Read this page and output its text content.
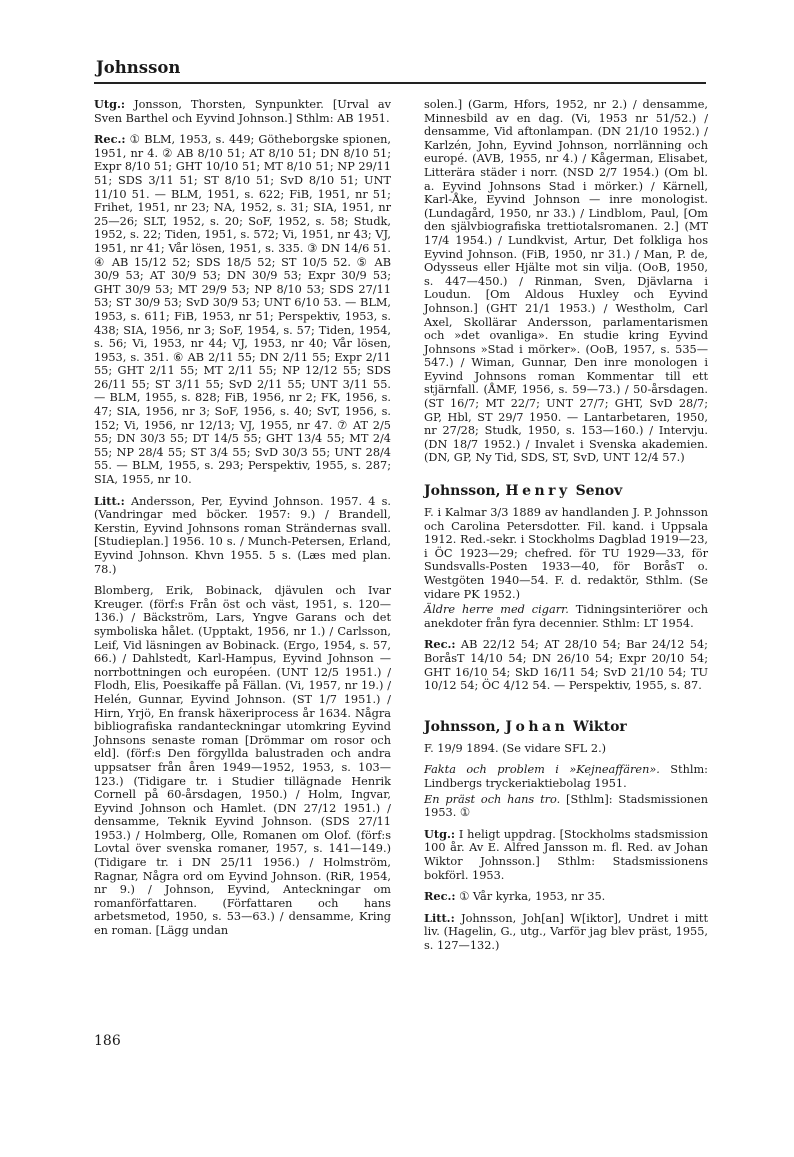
Johnsson

Utg.: Jonsson, Thorsten, Synpunkter. [Urval av Sven Barthel och Eyvind Johnson.] Sthlm: AB 1951.

Rec.: ① BLM, 1953, s. 449; Götheborgske spionen, 1951, nr 4. ② AB 8/10 51; AT 8/10 51; DN 8/10 51; Expr 8/10 51; GHT 10/10 51; MT 8/10 51; NP 29/11 51; SDS 3/11 51; ST 8/10 51; SvD 8/10 51; UNT 11/10 51. — BLM, 1951, s. 622; FiB, 1951, nr 51; Frihet, 1951, nr 23; NA, 1952, s. 31; SIA, 1951, nr 25—26; SLT, 1952, s. 20; SoF, 1952, s. 58; Studk, 1952, s. 22; Tiden, 1951, s. 572; Vi, 1951, nr 43; VJ, 1951, nr 41; Vår lösen, 1951, s. 335. ③ DN 14/6 51. ④ AB 15/12 52; SDS 18/5 52; ST 10/5 52. ⑤ AB 30/9 53; AT 30/9 53; DN 30/9 53; Expr 30/9 53; GHT 30/9 53; MT 29/9 53; NP 8/10 53; SDS 27/11 53; ST 30/9 53; SvD 30/9 53; UNT 6/10 53. — BLM, 1953, s. 611; FiB, 1953, nr 51; Perspektiv, 1953, s. 438; SIA, 1956, nr 3; SoF, 1954, s. 57; Tiden, 1954, s. 56; Vi, 1953, nr 44; VJ, 1953, nr 40; Vår lösen, 1953, s. 351. ⑥ AB 2/11 55; DN 2/11 55; Expr 2/11 55; GHT 2/11 55; MT 2/11 55; NP 12/12 55; SDS 26/11 55; ST 3/11 55; SvD 2/11 55; UNT 3/11 55. — BLM, 1955, s. 828; FiB, 1956, nr 2; FK, 1956, s. 47; SIA, 1956, nr 3; SoF, 1956, s. 40; SvT, 1956, s. 152; Vi, 1956, nr 12/13; VJ, 1955, nr 47. ⑦ AT 2/5 55; DN 30/3 55; DT 14/5 55; GHT 13/4 55; MT 2/4 55; NP 28/4 55; ST 3/4 55; SvD 30/3 55; UNT 28/4 55. — BLM, 1955, s. 293; Perspektiv, 1955, s. 287; SIA, 1955, nr 10.

Litt.: Andersson, Per, Eyvind Johnson. 1957. 4 s. (Vandringar med böcker. 1957: 9.) / Brandell, Kerstin, Eyvind Johnsons roman Strändernas svall. [Studieplan.] 1956. 10 s. / Munch-Petersen, Erland, Eyvind Johnson. Khvn 1955. 5 s. (Læs med plan. 78.)

Blomberg, Erik, Bobinack, djävulen och Ivar Kreuger. (förf:s Från öst och väst, 1951, s. 120—136.) / Bäckström, Lars, Yngve Garans och det symboliska hålet. (Upptakt, 1956, nr 1.) / Carlsson, Leif, Vid läsningen av Bobinack. (Ergo, 1954, s. 57, 66.) / Dahlstedt, Karl-Hampus, Eyvind Johnson — norrbottningen och européen. (UNT 12/5 1951.) / Flodh, Elis, Poesikaffe på Fällan. (Vi, 1957, nr 19.) / Helén, Gunnar, Eyvind Johnson. (ST 1/7 1951.) / Hirn, Yrjö, En fransk häxeriprocess år 1634. Några bibliografiska randanteckningar utomkring Eyvind Johnsons senaste roman [Drömmar om rosor och eld]. (förf:s Den förgyllda balustraden och andra uppsatser från åren 1949—1952, 1953, s. 103—123.) (Tidigare tr. i Studier tillägnade Henrik Cornell på 60-årsdagen, 1950.) / Holm, Ingvar, Eyvind Johnson och Hamlet. (DN 27/12 1951.) / densamme, Teknik Eyvind Johnson. (SDS 27/11 1953.) / Holmberg, Olle, Romanen om Olof. (förf:s Lovtal över svenska romaner, 1957, s. 141—149.) (Tidigare tr. i DN 25/11 1956.) / Holmström, Ragnar, Några ord om Eyvind Johnson. (RiR, 1954, nr 9.) / Johnson, Eyvind, Anteckningar om romanförfattaren. (Författaren och hans arbetsmetod, 1950, s. 53—63.) / densamme, Kring en roman. [Lägg undan

solen.] (Garm, Hfors, 1952, nr 2.) / densamme, Minnesbild av en dag. (Vi, 1953 nr 51/52.) / densamme, Vid aftonlampan. (DN 21/10 1952.) / Karlzén, John, Eyvind Johnson, norrlänning och europé. (AVB, 1955, nr 4.) / Kågerman, Elisabet, Litterära städer i norr. (NSD 2/7 1954.) (Om bl. a. Eyvind Johnsons Stad i mörker.) / Kärnell, Karl-Åke, Eyvind Johnson — inre monologist. (Lundagård, 1950, nr 33.) / Lindblom, Paul, [Om den självbiografiska trettiotalsromanen. 2.] (MT 17/4 1954.) / Lundkvist, Artur, Det folkliga hos Eyvind Johnson. (FiB, 1950, nr 31.) / Man, P. de, Odysseus eller Hjälte mot sin vilja. (OoB, 1950, s. 447—450.) / Rinman, Sven, Djävlarna i Loudun. [Om Aldous Huxley och Eyvind Johnson.] (GHT 21/1 1953.) / Westholm, Carl Axel, Skollärar Andersson, parlamentarismen och »det ovanliga». En studie kring Eyvind Johnsons »Stad i mörker». (OoB, 1957, s. 535—547.) / Wiman, Gunnar, Den inre monologen i Eyvind Johnsons roman Kommentar till ett stjärnfall. (ÅMF, 1956, s. 59—73.) / 50-årsdagen. (ST 16/7; MT 22/7; UNT 27/7; GHT, SvD 28/7; GP, Hbl, ST 29/7 1950. — Lantarbetaren, 1950, nr 27/28; Studk, 1950, s. 153—160.) / Intervju. (DN 18/7 1952.) / Invalet i Svenska akademien. (DN, GP, Ny Tid, SDS, ST, SvD, UNT 12/4 57.)

Johnsson, Henry Senov

F. i Kalmar 3/3 1889 av handlanden J. P. Johnsson och Carolina Petersdotter. Fil. kand. i Uppsala 1912. Red.-sekr. i Stockholms Dagblad 1919—23, i ÖC 1923—29; chefred. för TU 1929—33, för Sundsvalls-Posten 1933—40, för BoråsT o. Westgöten 1940—54. F. d. redaktör, Sthlm. (Se vidare PK 1952.)

Äldre herre med cigarr. Tidningsinteriörer och anekdoter från fyra decennier. Sthlm: LT 1954.

Rec.: AB 22/12 54; AT 28/10 54; Bar 24/12 54; BoråsT 14/10 54; DN 26/10 54; Expr 20/10 54; GHT 16/10 54; SkD 16/11 54; SvD 21/10 54; TU 10/12 54; ÖC 4/12 54. — Perspektiv, 1955, s. 87.

Johnsson, Johan Wiktor

F. 19/9 1894. (Se vidare SFL 2.)

Fakta och problem i »Kejneaffären». Sthlm: Lindbergs tryckeriaktiebolag 1951.

En präst och hans tro. [Sthlm]: Stadsmissionen 1953. ①

Utg.: I heligt uppdrag. [Stockholms stadsmission 100 år. Av E. Alfred Jansson m. fl. Red. av Johan Wiktor Johnsson.] Sthlm: Stadsmissionens bokförl. 1953.

Rec.: ① Vår kyrka, 1953, nr 35.

Litt.: Johnsson, Joh[an] W[iktor], Undret i mitt liv. (Hagelin, G., utg., Varför jag blev präst, 1955, s. 127—132.)

186
